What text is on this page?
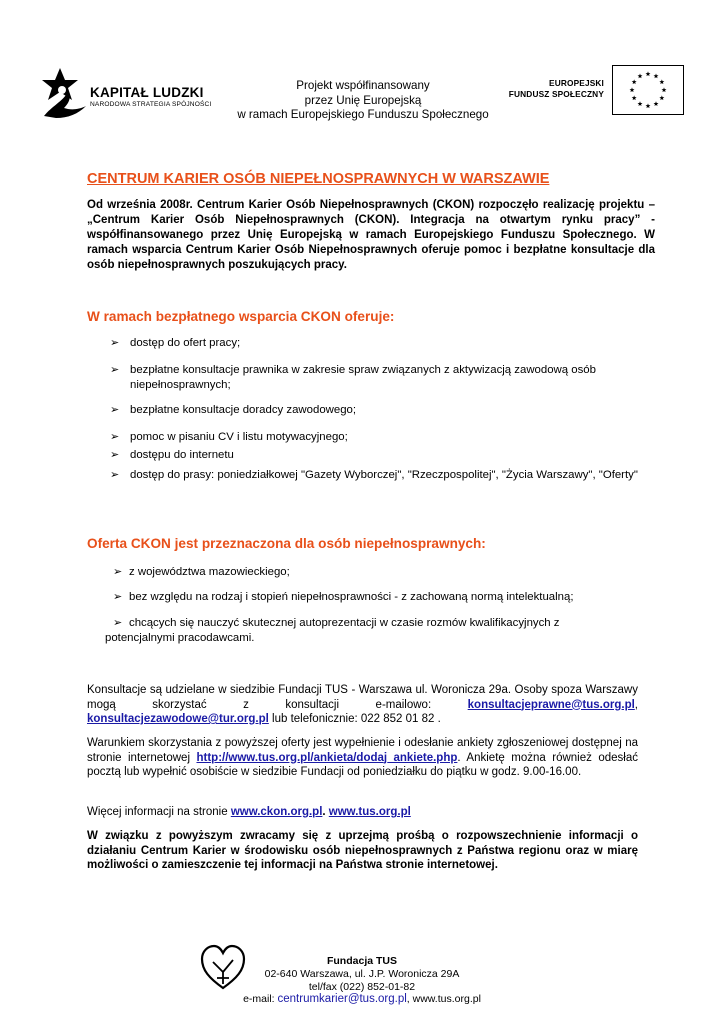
KAPITAŁ LUDZKI
NARODOWA STRATEGIA SPÓJNOŚCI
Projekt współfinansowany
przez Unię Europejską
w ramach Europejskiego Funduszu Społecznego
EUROPEJSKI
FUNDUSZ SPOŁECZNY
CENTRUM KARIER OSÓB NIEPEŁNOSPRAWNYCH W WARSZAWIE
Od września 2008r. Centrum Karier Osób Niepełnosprawnych (CKON) rozpoczęło realizację projektu – „Centrum Karier Osób Niepełnosprawnych (CKON). Integracja na otwartym rynku pracy” - współfinansowanego przez Unię Europejską w ramach Europejskiego Funduszu Społecznego. W ramach wsparcia Centrum Karier Osób Niepełnosprawnych oferuje pomoc i bezpłatne konsultacje dla osób niepełnosprawnych poszukujących pracy.
W ramach bezpłatnego wsparcia CKON oferuje:
➢ dostęp do ofert pracy;
➢ bezpłatne konsultacje prawnika w zakresie spraw związanych z aktywizacją zawodową osób niepełnosprawnych;
➢ bezpłatne konsultacje doradcy zawodowego;
➢ pomoc w pisaniu CV i listu motywacyjnego;
➢ dostępu do internetu
➢ dostęp do prasy: poniedziałkowej "Gazety Wyborczej", "Rzeczpospolitej", "Życia Warszawy", "Oferty"
Oferta CKON jest przeznaczona dla osób niepełnosprawnych:
➢ z województwa mazowieckiego;
➢ bez względu na rodzaj i stopień niepełnosprawności - z zachowaną normą intelektualną;
➢ chcących się nauczyć skutecznej autoprezentacji w czasie rozmów kwalifikacyjnych z
potencjalnymi pracodawcami.
Konsultacje są udzielane w siedzibie Fundacji TUS - Warszawa ul. Woronicza 29a. Osoby spoza Warszawy mogą skorzystać z konsultacji e-mailowo: konsultacjeprawne@tus.org.pl, konsultacjezawodowe@tur.org.pl lub telefonicznie: 022 852 01 82 .
Warunkiem skorzystania z powyższej oferty jest wypełnienie i odesłanie ankiety zgłoszeniowej dostępnej na stronie internetowej http://www.tus.org.pl/ankieta/dodaj_ankiete.php. Ankietę można również odesłać pocztą lub wypełnić osobiście w siedzibie Fundacji od poniedziałku do piątku w godz. 9.00-16.00.
Więcej informacji na stronie www.ckon.org.pl. www.tus.org.pl
W związku z powyższym zwracamy się z uprzejmą prośbą o rozpowszechnienie informacji o działaniu Centrum Karier w środowisku osób niepełnosprawnych z Państwa regionu oraz w miarę możliwości o zamieszczenie tej informacji na Państwa stronie internetowej.
Fundacja TUS
02-640 Warszawa, ul. J.P. Woronicza 29A
tel/fax (022) 852-01-82
e-mail: centrumkarier@tus.org.pl, www.tus.org.pl
